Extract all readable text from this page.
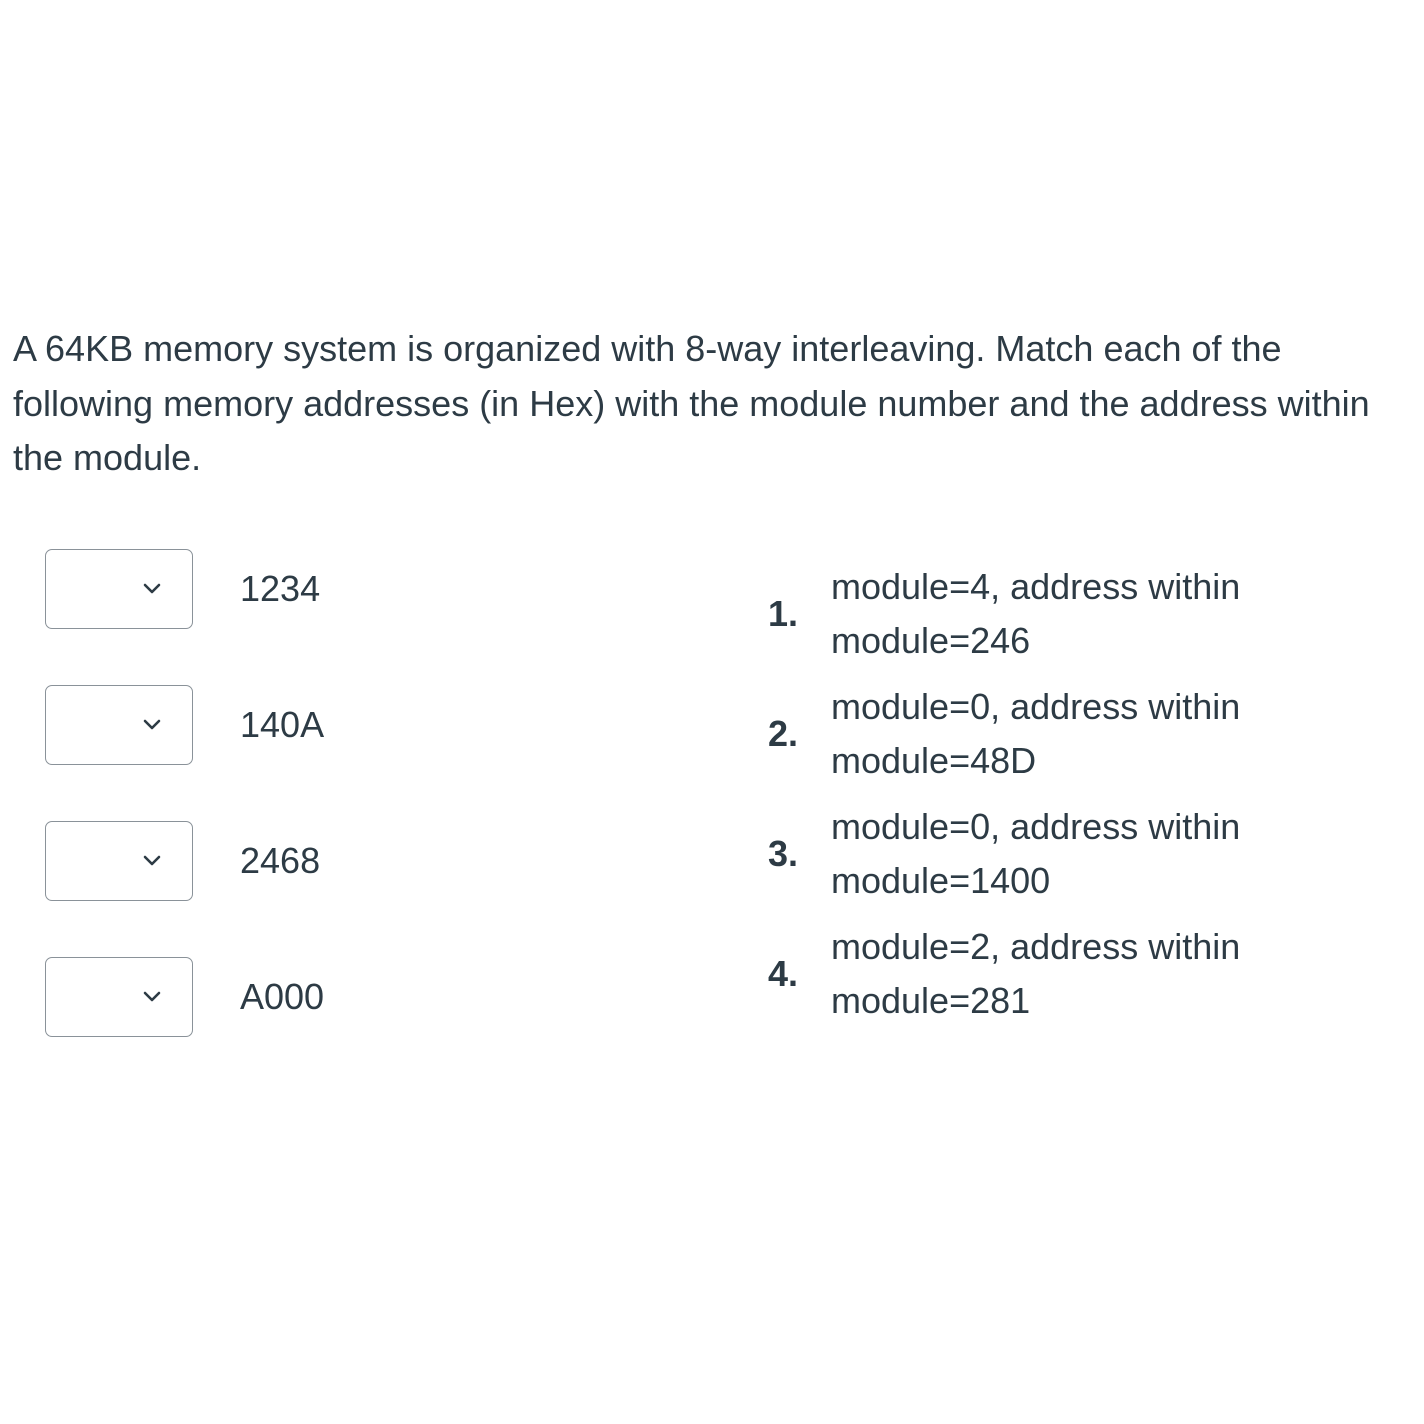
A 64KB memory system is organized with 8-way interleaving. Match each of the following memory addresses (in Hex) with the module number and the address within the module.

1234
140A
2468
A000
1.
module=4, address within
module=246
2.
module=0, address within
module=48D
3.
module=0, address within
module=1400
4.
module=2, address within
module=281
